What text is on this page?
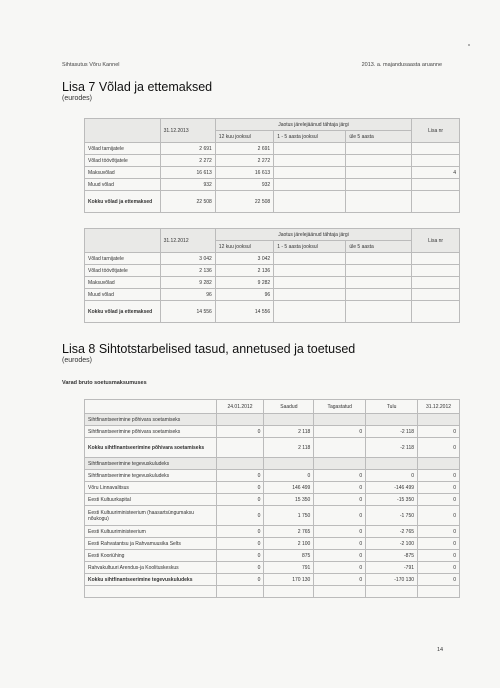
Sihtasutus Võru Kannel	2013. a. majandusaasta aruanne
Lisa 7 Võlad ja ettemaksed
(eurodes)
	31.12.2013	Jaotus järelejäänud tähtaja järgi			Lisa nr
		12 kuu jooksul	1 - 5 aasta jooksul	üle 5 aasta	
Võlad tarnijatele	2 691	2 691			
Võlad töövõtjatele	2 272	2 272			
Maksuvõlad	16 613	16 613			4
Muud võlad	932	932			
Kokku võlad ja ettemaksed	22 508	22 508			
	31.12.2012	Jaotus järelejäänud tähtaja järgi			Lisa nr
		12 kuu jooksul	1 - 5 aasta jooksul	üle 5 aasta	
Võlad tarnijatele	3 042	3 042			
Võlad töövõtjatele	2 136	2 136			
Maksuvõlad	9 282	9 282			
Muud võlad	96	96			
Kokku võlad ja ettemaksed	14 556	14 556			
Lisa 8 Sihtotstarbelised tasud, annetused ja toetused
(eurodes)
Varad bruto soetusmaksumuses
	24.01.2012	Saadud	Tagastatud	Tulu	31.12.2012
Sihtfinantseerimine põhivara soetamiseks					
Sihtfinantseerimine põhivara soetamiseks	0	2 118	0	-2 118	0
Kokku sihtfinantseerimine põhivara soetamiseks		2 118		-2 118	0
Sihtfinantseerimine tegevuskuludeks					
Sihtfinantseerimine tegevuskuludeks	0	0	0	0	0
Võru Linnavalitsus	0	146 499	0	-146 499	0
Eesti Kultuurkapital	0	15 350	0	-15 350	0
Eesti Kultuuriministeerium (haasartsüngumaksu nõukogu)	0	1 750	0	-1 750	0
Eesti Kultuuriministeerium	0	2 765	0	-2 765	0
Eesti Rahvatantsu ja Rahvamuusika Selts	0	2 100	0	-2 100	0
Eesti Kooriühing	0	875	0	-875	0
Rahvakultuuri Arendus-ja Koolituskeskus	0	791	0	-791	0
Kokku sihtfinantseerimine tegevuskuludeks	0	170 130	0	-170 130	0

14
